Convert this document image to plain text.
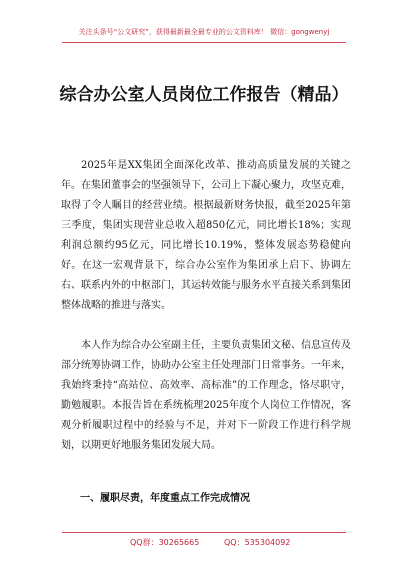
关注头条号“公文研究”，获得最新最全最专业的公文资料库！ 微信：gongwenyj
综合办公室人员岗位工作报告（精品）
2025年是XX集团全面深化改革、推动高质量发展的关键之年。在集团董事会的坚强领导下，公司上下凝心聚力，攻坚克难，取得了令人瞩目的经营业绩。根据最新财务快报，截至2025年第三季度，集团实现营业总收入超850亿元，同比增长18%；实现利润总额约95亿元，同比增长10.19%，整体发展态势稳健向好。在这一宏观背景下，综合办公室作为集团承上启下、协调左右、联系内外的中枢部门，其运转效能与服务水平直接关系到集团整体战略的推进与落实。
本人作为综合办公室副主任，主要负责集团文秘、信息宣传及部分统筹协调工作，协助办公室主任处理部门日常事务。一年来，我始终秉持“高站位、高效率、高标准”的工作理念，恪尽职守，勤勉履职。本报告旨在系统梳理2025年度个人岗位工作情况，客观分析履职过程中的经验与不足，并对下一阶段工作进行科学规划，以期更好地服务集团发展大局。
一、履职尽责，年度重点工作完成情况
QQ群：30265665	QQ：535304092
